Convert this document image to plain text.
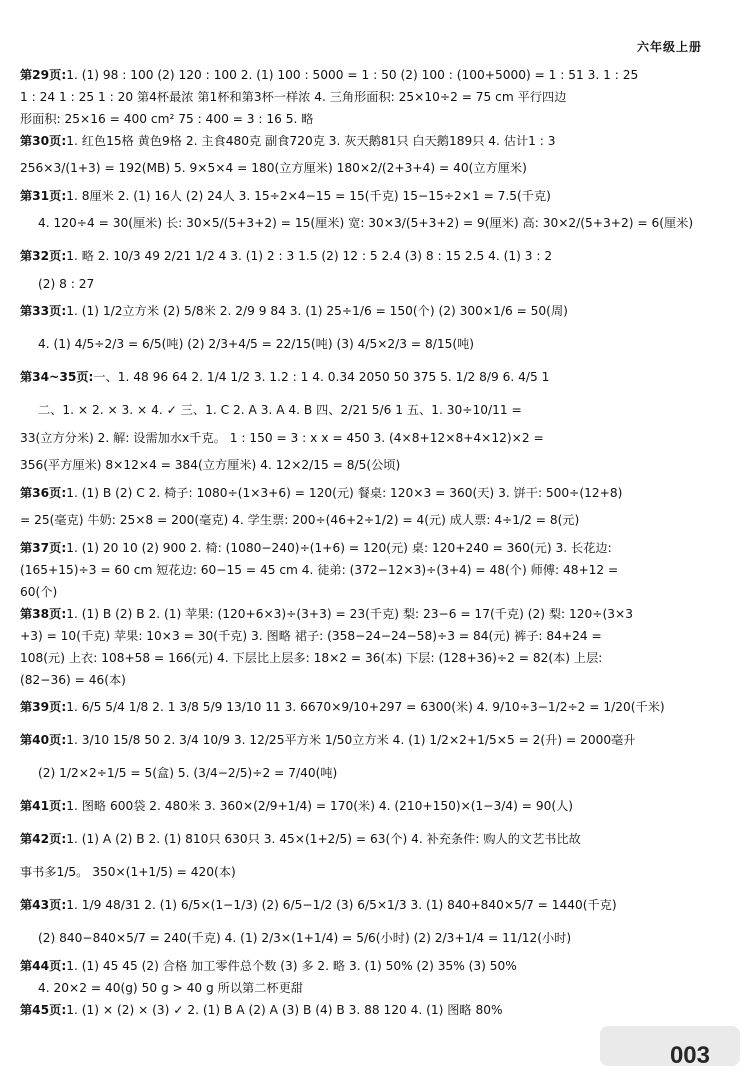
六年级上册
第29页:1. (1) 98 : 100 (2) 120 : 100 2. (1) 100 : 5000 = 1 : 50 (2) 100 : (100+5000) = 1 : 51 3. 1 : 25
1 : 24 1 : 25 1 : 20 第4杯最浓 第1杯和第3杯一样浓 4. 三角形面积: 25×10÷2 = 75 cm 平行四边
形面积: 25×16 = 400 cm² 75 : 400 = 3 : 16 5. 略
第30页:1. 红色15格 黄色9格 2. 主食480克 副食720克 3. 灰天鹅81只 白天鹅189只 4. 估计1 : 3
256×3/(1+3) = 192(MB) 5. 9×5×4 = 180(立方厘米) 180×2/(2+3+4) = 40(立方厘米)
第31页:1. 8厘米 2. (1) 16人 (2) 24人 3. 15÷2×4−15 = 15(千克) 15−15÷2×1 = 7.5(千克)
4. 120÷4 = 30(厘米) 长: 30×5/(5+3+2) = 15(厘米) 宽: 30×3/(5+3+2) = 9(厘米) 高: 30×2/(5+3+2) = 6(厘米)
第32页:1. 略 2. 10/3 49 2/21 1/2 4 3. (1) 2 : 3 1.5 (2) 12 : 5 2.4 (3) 8 : 15 2.5 4. (1) 3 : 2
(2) 8 : 27
第33页:1. (1) 1/2立方米 (2) 5/8米 2. 2/9 9 84 3. (1) 25÷1/6 = 150(个) (2) 300×1/6 = 50(周)
4. (1) 4/5÷2/3 = 6/5(吨) (2) 2/3+4/5 = 22/15(吨) (3) 4/5×2/3 = 8/15(吨)
第34~35页:一、1. 48 96 64 2. 1/4 1/2 3. 1.2 : 1 4. 0.34 2050 50 375 5. 1/2 8/9 6. 4/5 1
二、1. × 2. × 3. × 4. ✓ 三、1. C 2. A 3. A 4. B 四、2/21 5/6 1 五、1. 30÷10/11 =
33(立方分米) 2. 解: 设需加水x千克。 1 : 150 = 3 : x x = 450 3. (4×8+12×8+4×12)×2 =
356(平方厘米) 8×12×4 = 384(立方厘米) 4. 12×2/15 = 8/5(公顷)
第36页:1. (1) B (2) C 2. 椅子: 1080÷(1×3+6) = 120(元) 餐桌: 120×3 = 360(天) 3. 饼干: 500÷(12+8)
= 25(毫克) 牛奶: 25×8 = 200(毫克) 4. 学生票: 200÷(46+2÷1/2) = 4(元) 成人票: 4÷1/2 = 8(元)
第37页:1. (1) 20 10 (2) 900 2. 椅: (1080−240)÷(1+6) = 120(元) 桌: 120+240 = 360(元) 3. 长花边:
(165+15)÷3 = 60 cm 短花边: 60−15 = 45 cm 4. 徒弟: (372−12×3)÷(3+4) = 48(个) 师傅: 48+12 =
60(个)
第38页:1. (1) B (2) B 2. (1) 苹果: (120+6×3)÷(3+3) = 23(千克) 梨: 23−6 = 17(千克) (2) 梨: 120÷(3×3
+3) = 10(千克) 苹果: 10×3 = 30(千克) 3. 图略 裙子: (358−24−24−58)÷3 = 84(元) 裤子: 84+24 =
108(元) 上衣: 108+58 = 166(元) 4. 下层比上层多: 18×2 = 36(本) 下层: (128+36)÷2 = 82(本) 上层:
(82−36) = 46(本)
第39页:1. 6/5 5/4 1/8 2. 1 3/8 5/9 13/10 11 3. 6670×9/10+297 = 6300(米) 4. 9/10÷3−1/2÷2 = 1/20(千米)
第40页:1. 3/10 15/8 50 2. 3/4 10/9 3. 12/25平方米 1/50立方米 4. (1) 1/2×2+1/5×5 = 2(升) = 2000毫升
(2) 1/2×2÷1/5 = 5(盒) 5. (3/4−2/5)÷2 = 7/40(吨)
第41页:1. 图略 600袋 2. 480米 3. 360×(2/9+1/4) = 170(米) 4. (210+150)×(1−3/4) = 90(人)
第42页:1. (1) A (2) B 2. (1) 810只 630只 3. 45×(1+2/5) = 63(个) 4. 补充条件: 购人的文艺书比故
事书多1/5。 350×(1+1/5) = 420(本)
第43页:1. 1/9 48/31 2. (1) 6/5×(1−1/3) (2) 6/5−1/2 (3) 6/5×1/3 3. (1) 840+840×5/7 = 1440(千克)
(2) 840−840×5/7 = 240(千克) 4. (1) 2/3×(1+1/4) = 5/6(小时) (2) 2/3+1/4 = 11/12(小时)
第44页:1. (1) 45 45 (2) 合格 加工零件总个数 (3) 多 2. 略 3. (1) 50% (2) 35% (3) 50%
4. 20×2 = 40(g) 50 g > 40 g 所以第二杯更甜
第45页:1. (1) × (2) × (3) ✓ 2. (1) B A (2) A (3) B (4) B 3. 88 120 4. (1) 图略 80%
003
